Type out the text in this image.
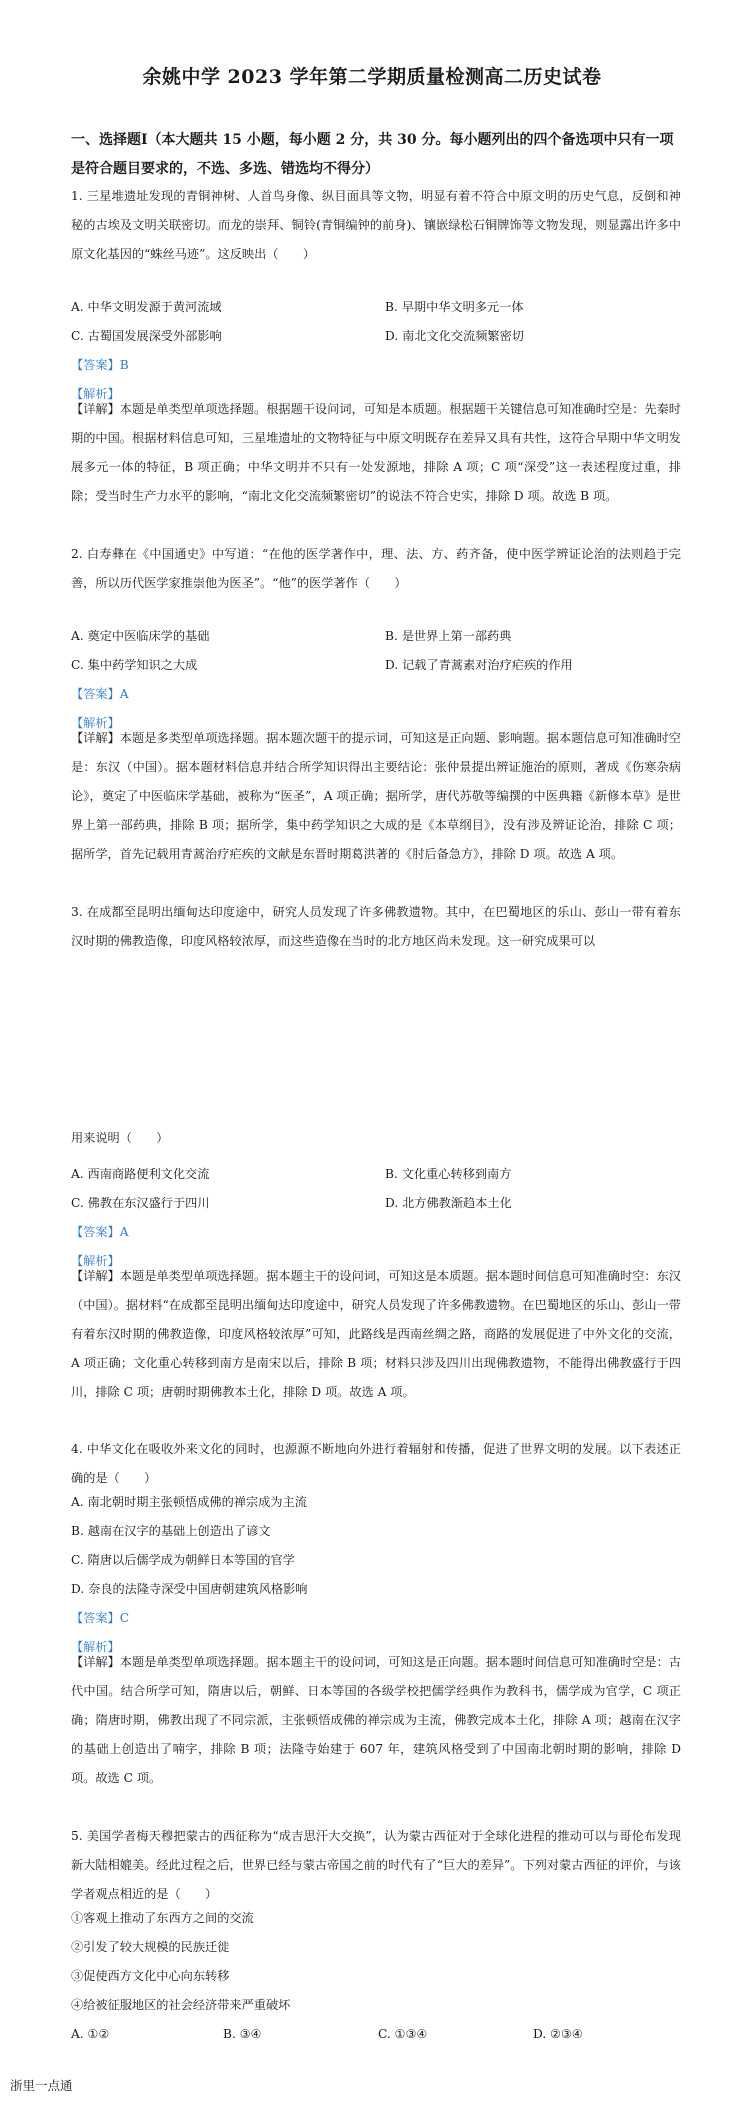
余姚中学 2023 学年第二学期质量检测高二历史试卷
一、选择题Ⅰ（本大题共 15 小题，每小题 2 分，共 30 分。每小题列出的四个备选项中只有一项是符合题目要求的，不选、多选、错选均不得分）
1. 三星堆遗址发现的青铜神树、人首鸟身像、纵目面具等文物，明显有着不符合中原文明的历史气息，反倒和神秘的古埃及文明关联密切。而龙的崇拜、铜铃(青铜编钟的前身)、镶嵌绿松石铜牌饰等文物发现，则显露出许多中原文化基因的“蛛丝马迹”。这反映出（　　）
A. 中华文明发源于黄河流域	B. 早期中华文明多元一体
C. 古蜀国发展深受外部影响	D. 南北文化交流频繁密切
【答案】B
【解析】
【详解】本题是单类型单项选择题。根据题干设问词，可知是本质题。根据题干关键信息可知准确时空是：先秦时期的中国。根据材料信息可知，三星堆遗址的文物特征与中原文明既存在差异又具有共性，这符合早期中华文明发展多元一体的特征，B 项正确；中华文明并不只有一处发源地，排除 A 项；C 项“深受”这一表述程度过重，排除；受当时生产力水平的影响，“南北文化交流频繁密切”的说法不符合史实，排除 D 项。故选 B 项。
2. 白寿彝在《中国通史》中写道：“在他的医学著作中，理、法、方、药齐备，使中医学辨证论治的法则趋于完善，所以历代医学家推崇他为医圣”。“他”的医学著作（　　）
A. 奠定中医临床学的基础	B. 是世界上第一部药典
C. 集中药学知识之大成	D. 记载了青蒿素对治疗疟疾的作用
【答案】A
【解析】
【详解】本题是多类型单项选择题。据本题次题干的提示词，可知这是正向题、影响题。据本题信息可知准确时空是：东汉（中国）。据本题材料信息并结合所学知识得出主要结论：张仲景提出辨证施治的原则，著成《伤寒杂病论》，奠定了中医临床学基础，被称为“医圣”，A 项正确；据所学，唐代苏敬等编撰的中医典籍《新修本草》是世界上第一部药典，排除 B 项；据所学，集中药学知识之大成的是《本草纲目》，没有涉及辨证论治，排除 C 项；据所学，首先记载用青蒿治疗疟疾的文献是东晋时期葛洪著的《肘后备急方》，排除 D 项。故选 A 项。
3. 在成都至昆明出缅甸达印度途中，研究人员发现了许多佛教遗物。其中，在巴蜀地区的乐山、彭山一带有着东汉时期的佛教造像，印度风格较浓厚，而这些造像在当时的北方地区尚未发现。这一研究成果可以
用来说明（　　）
A. 西南商路便利文化交流	B. 文化重心转移到南方
C. 佛教在东汉盛行于四川	D. 北方佛教渐趋本土化
【答案】A
【解析】
【详解】本题是单类型单项选择题。据本题主干的设问词，可知这是本质题。据本题时间信息可知准确时空：东汉（中国）。据材料“在成都至昆明出缅甸达印度途中，研究人员发现了许多佛教遗物。在巴蜀地区的乐山、彭山一带有着东汉时期的佛教造像，印度风格较浓厚”可知，此路线是西南丝绸之路，商路的发展促进了中外文化的交流，A 项正确；文化重心转移到南方是南宋以后，排除 B 项；材料只涉及四川出现佛教遗物，不能得出佛教盛行于四川，排除 C 项；唐朝时期佛教本土化，排除 D 项。故选 A 项。
4. 中华文化在吸收外来文化的同时，也源源不断地向外进行着辐射和传播，促进了世界文明的发展。以下表述正确的是（　　）
A. 南北朝时期主张顿悟成佛的禅宗成为主流
B. 越南在汉字的基础上创造出了谚文
C. 隋唐以后儒学成为朝鲜日本等国的官学
D. 奈良的法隆寺深受中国唐朝建筑风格影响
【答案】C
【解析】
【详解】本题是单类型单项选择题。据本题主干的设问词，可知这是正向题。据本题时间信息可知准确时空是：古代中国。结合所学可知，隋唐以后，朝鲜、日本等国的各级学校把儒学经典作为教科书，儒学成为官学，C 项正确；隋唐时期，佛教出现了不同宗派，主张顿悟成佛的禅宗成为主流，佛教完成本土化，排除 A 项；越南在汉字的基础上创造出了喃字，排除 B 项；法隆寺始建于 607 年，建筑风格受到了中国南北朝时期的影响，排除 D 项。故选 C 项。
5. 美国学者梅天穆把蒙古的西征称为“成吉思汗大交换”，认为蒙古西征对于全球化进程的推动可以与哥伦布发现新大陆相媲美。经此过程之后，世界已经与蒙古帝国之前的时代有了“巨大的差异”。下列对蒙古西征的评价，与该学者观点相近的是（　　）
①客观上推动了东西方之间的交流
②引发了较大规模的民族迁徙
③促使西方文化中心向东转移
④给被征服地区的社会经济带来严重破坏
A. ①②	B. ③④	C. ①③④	D. ②③④
浙里一点通
